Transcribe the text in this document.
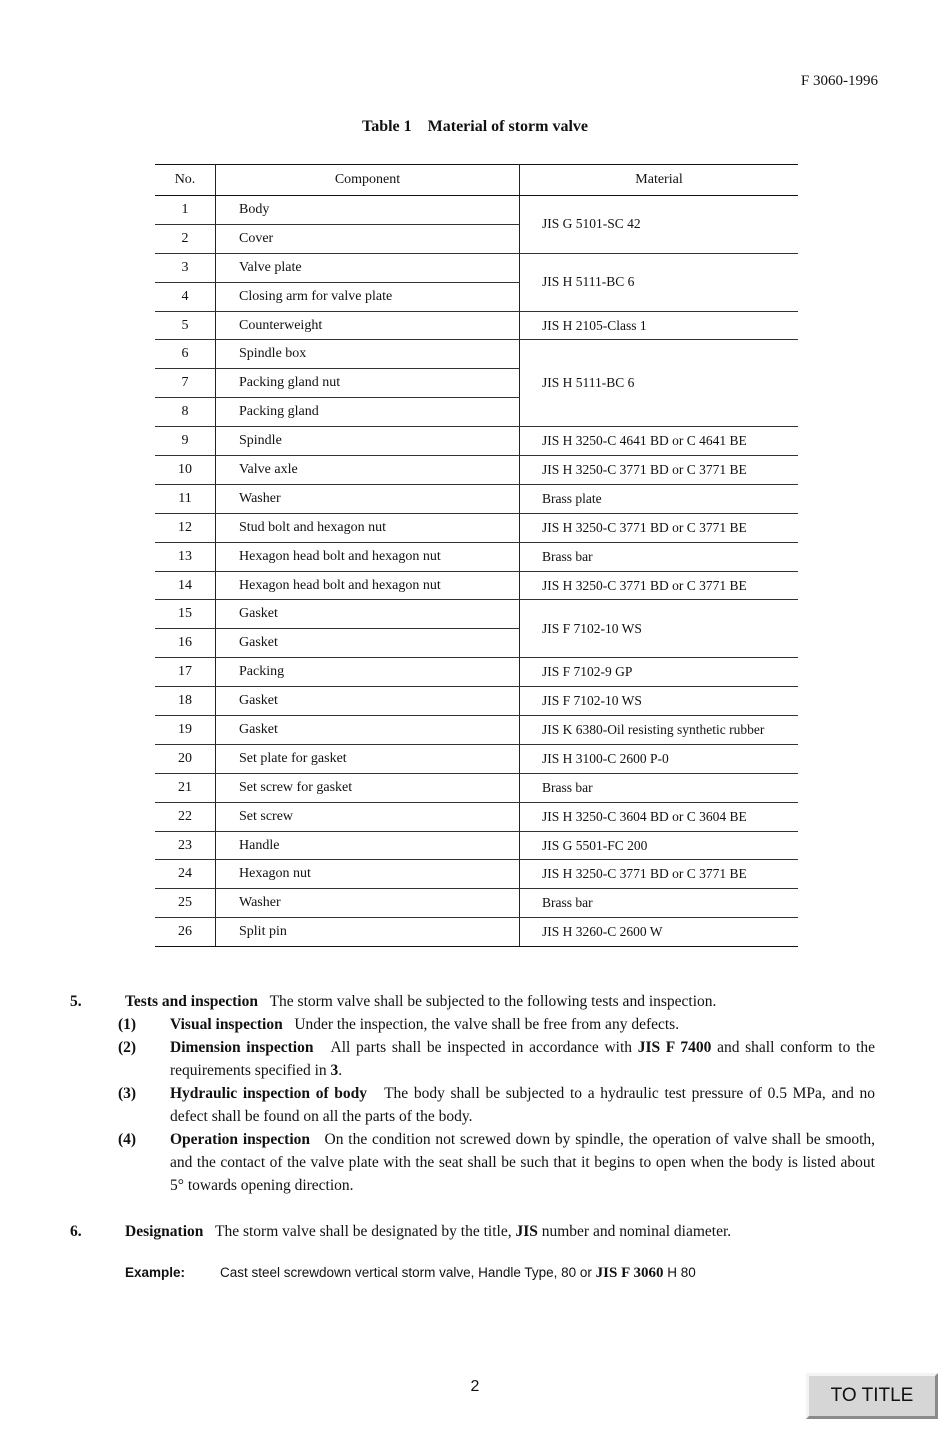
F 3060-1996
Table 1    Material of storm valve
No.	Component	Material
1	Body	JIS G 5101-SC 42
2	Cover	
3	Valve plate	JIS H 5111-BC 6
4	Closing arm for valve plate	
5	Counterweight	JIS H 2105-Class 1
6	Spindle box	JIS H 5111-BC 6
7	Packing gland nut	
8	Packing gland	
9	Spindle	JIS H 3250-C 4641 BD or C 4641 BE
10	Valve axle	JIS H 3250-C 3771 BD or C 3771 BE
11	Washer	Brass plate
12	Stud bolt and hexagon nut	JIS H 3250-C 3771 BD or C 3771 BE
13	Hexagon head bolt and hexagon nut	Brass bar
14	Hexagon head bolt and hexagon nut	JIS H 3250-C 3771 BD or C 3771 BE
15	Gasket	JIS F 7102-10 WS
16	Gasket	
17	Packing	JIS F 7102-9 GP
18	Gasket	JIS F 7102-10 WS
19	Gasket	JIS K 6380-Oil resisting synthetic rubber
20	Set plate for gasket	JIS H 3100-C 2600 P-0
21	Set screw for gasket	Brass bar
22	Set screw	JIS H 3250-C 3604 BD or C 3604 BE
23	Handle	JIS G 5501-FC 200
24	Hexagon nut	JIS H 3250-C 3771 BD or C 3771 BE
25	Washer	Brass bar
26	Split pin	JIS H 3260-C 2600 W
5.	Tests and inspection The storm valve shall be subjected to the following tests and inspection.
(1)	Visual inspection Under the inspection, the valve shall be free from any defects.
(2)	Dimension inspection All parts shall be inspected in accordance with JIS F 7400 and shall conform to the requirements specified in 3.
(3)	Hydraulic inspection of body The body shall be subjected to a hydraulic test pressure of 0.5 MPa, and no defect shall be found on all the parts of the body.
(4)	Operation inspection On the condition not screwed down by spindle, the operation of valve shall be smooth, and the contact of the valve plate with the seat shall be such that it begins to open when the body is listed about 5° towards opening direction.
6.	Designation The storm valve shall be designated by the title, JIS number and nominal diameter.
Example:	Cast steel screwdown vertical storm valve, Handle Type, 80 or JIS F 3060 H 80
2	TO TITLE
